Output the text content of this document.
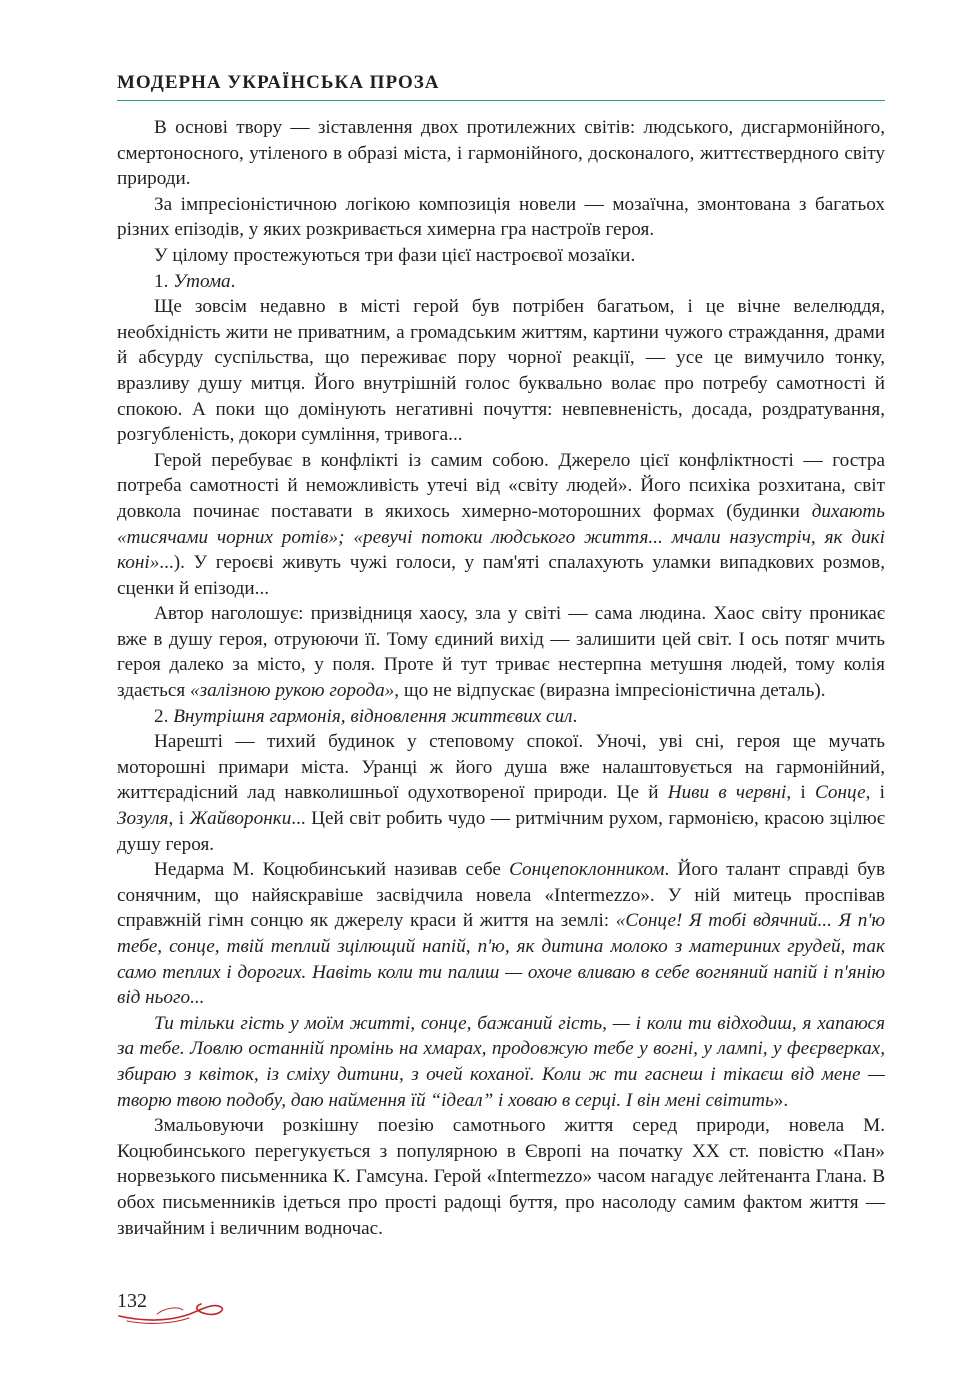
МОДЕРНА УКРАЇНСЬКА ПРОЗА

В основі твору — зіставлення двох протилежних світів: людського, дисгармонійного, смертоносного, утіленого в образі міста, і гармонійного, досконалого, життєствердного світу природи.

За імпресіоністичною логікою композиція новели — мозаїчна, змонтована з багатьох різних епізодів, у яких розкривається химерна гра настроїв героя.

У цілому простежуються три фази цієї настроєвої мозаїки.

1. Утома.

Ще зовсім недавно в місті герой був потрібен багатьом, і це вічне велелюддя, необхідність жити не приватним, а громадським життям, картини чужого страждання, драми й абсурду суспільства, що переживає пору чорної реакції, — усе це вимучило тонку, вразливу душу митця. Його внутрішній голос буквально волає про потребу самотності й спокою. А поки що домінують негативні почуття: невпевненість, досада, роздратування, розгубленість, докори сумління, тривога...

Герой перебуває в конфлікті із самим собою. Джерело цієї конфліктності — гостра потреба самотності й неможливість утечі від «світу людей». Його психіка розхитана, світ довкола починає поставати в якихось химерно-моторошних формах (будинки дихають «тисячами чорних ротів»; «ревучі потоки людського життя... мчали назустріч, як дикі коні»...). У героєві живуть чужі голоси, у пам'яті спалахують уламки випадкових розмов, сценки й епізоди...

Автор наголошує: призвідниця хаосу, зла у світі — сама людина. Хаос світу проникає вже в душу героя, отруюючи її. Тому єдиний вихід — залишити цей світ. І ось потяг мчить героя далеко за місто, у поля. Проте й тут триває нестерпна метушня людей, тому колія здається «залізною рукою города», що не відпускає (виразна імпресіоністична деталь).

2. Внутрішня гармонія, відновлення життєвих сил.

Нарешті — тихий будинок у степовому спокої. Уночі, уві сні, героя ще мучать моторошні примари міста. Уранці ж його душа вже налаштовується на гармонійний, життєрадісний лад навколишньої одухотвореної природи. Це й Ниви в червні, і Сонце, і Зозуля, і Жайворонки... Цей світ робить чудо — ритмічним рухом, гармонією, красою зцілює душу героя.

Недарма М. Коцюбинський називав себе Сонцепоклонником. Його талант справді був сонячним, що найяскравіше засвідчила новела «Intermezzo». У ній митець проспівав справжній гімн сонцю як джерелу краси й життя на землі: «Сонце! Я тобі вдячний... Я п'ю тебе, сонце, твій теплий зцілющий напій, п'ю, як дитина молоко з материних грудей, так само теплих і дорогих. Навіть коли ти палиш — охоче вливаю в себе вогняний напій і п'янію від нього...

Ти тільки гість у моїм житті, сонце, бажаний гість, — і коли ти відходиш, я хапаюся за тебе. Ловлю останній промінь на хмарах, продовжую тебе у вогні, у лампі, у феєрверках, збираю з квіток, із сміху дитини, з очей коханої. Коли ж ти гаснеш і тікаєш від мене — творю твою подобу, даю наймення їй “ідеал” і ховаю в серці. І він мені світить».

Змальовуючи розкішну поезію самотнього життя серед природи, новела М. Коцюбинського перегукується з популярною в Європі на початку ХХ ст. повістю «Пан» норвезького письменника К. Гамсуна. Герой «Intermezzo» часом нагадує лейтенанта Глана. В обох письменників ідеться про прості радощі буття, про насолоду самим фактом життя — звичайним і величним водночас.

132
